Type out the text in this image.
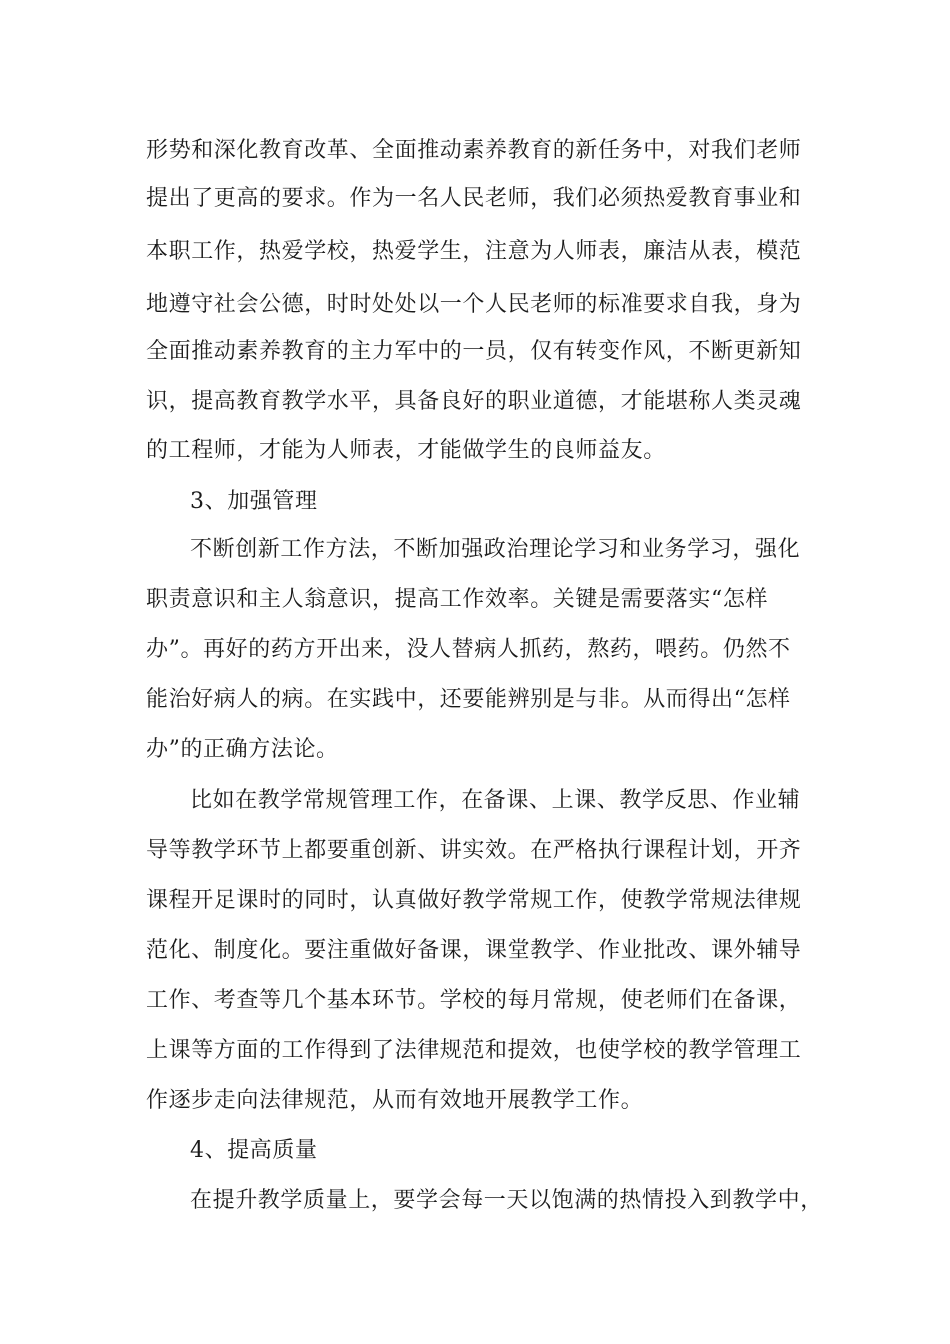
形势和深化教育改革、全面推动素养教育的新任务中，对我们老师
提出了更高的要求。作为一名人民老师，我们必须热爱教育事业和
本职工作，热爱学校，热爱学生，注意为人师表，廉洁从表，模范
地遵守社会公德，时时处处以一个人民老师的标准要求自我，身为
全面推动素养教育的主力军中的一员，仅有转变作风，不断更新知
识，提高教育教学水平，具备良好的职业道德，才能堪称人类灵魂
的工程师，才能为人师表，才能做学生的良师益友。
3、加强管理
不断创新工作方法，不断加强政治理论学习和业务学习，强化
职责意识和主人翁意识，提高工作效率。关键是需要落实“怎样
办”。再好的药方开出来，没人替病人抓药，熬药，喂药。仍然不
能治好病人的病。在实践中，还要能辨别是与非。从而得出“怎样
办”的正确方法论。
比如在教学常规管理工作，在备课、上课、教学反思、作业辅
导等教学环节上都要重创新、讲实效。在严格执行课程计划，开齐
课程开足课时的同时，认真做好教学常规工作，使教学常规法律规
范化、制度化。要注重做好备课，课堂教学、作业批改、课外辅导
工作、考查等几个基本环节。学校的每月常规，使老师们在备课，
上课等方面的工作得到了法律规范和提效，也使学校的教学管理工
作逐步走向法律规范，从而有效地开展教学工作。
4、提高质量
在提升教学质量上，要学会每一天以饱满的热情投入到教学中，
